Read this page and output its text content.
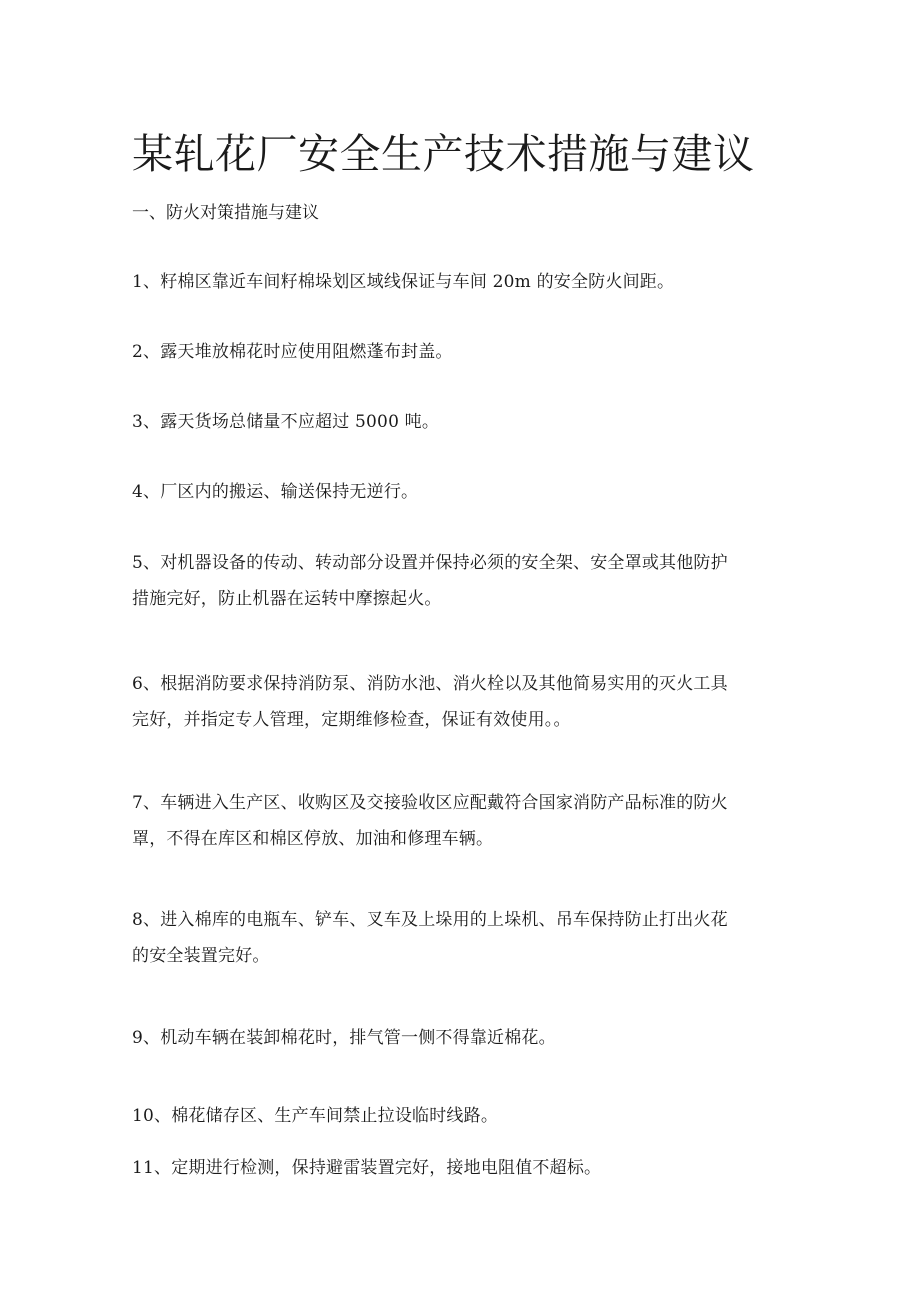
某轧花厂安全生产技术措施与建议

一、防火对策措施与建议

1、籽棉区靠近车间籽棉垛划区域线保证与车间 20m 的安全防火间距。

2、露天堆放棉花时应使用阻燃蓬布封盖。

3、露天货场总储量不应超过 5000 吨。

4、厂区内的搬运、输送保持无逆行。

5、对机器设备的传动、转动部分设置并保持必须的安全架、安全罩或其他防护
措施完好，防止机器在运转中摩擦起火。

6、根据消防要求保持消防泵、消防水池、消火栓以及其他简易实用的灭火工具
完好，并指定专人管理，定期维修检查，保证有效使用。。

7、车辆进入生产区、收购区及交接验收区应配戴符合国家消防产品标准的防火
罩，不得在库区和棉区停放、加油和修理车辆。

8、进入棉库的电瓶车、铲车、叉车及上垛用的上垛机、吊车保持防止打出火花
的安全装置完好。

9、机动车辆在装卸棉花时，排气管一侧不得靠近棉花。

10、棉花储存区、生产车间禁止拉设临时线路。

11、定期进行检测，保持避雷装置完好，接地电阻值不超标。
